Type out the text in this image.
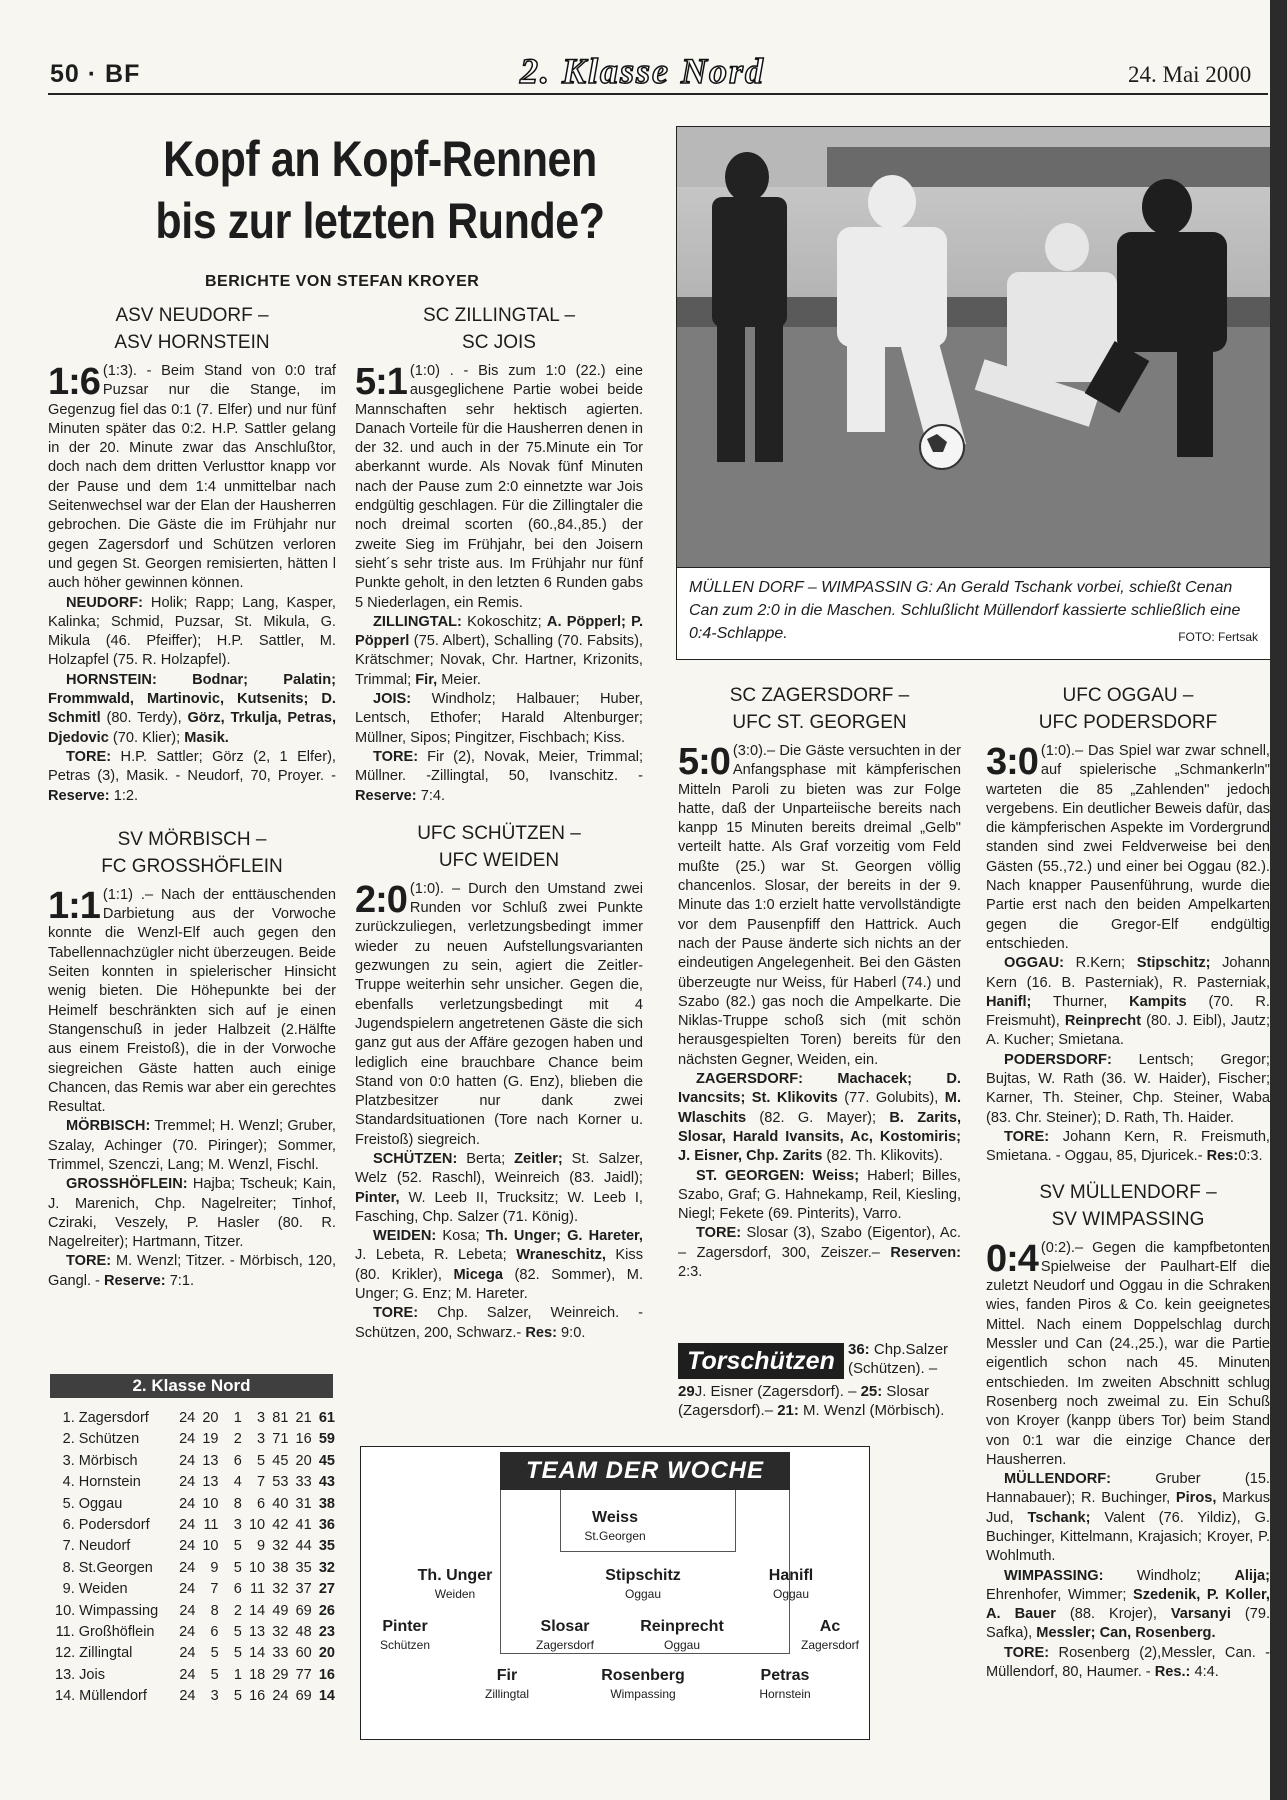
50 · BF	2. Klasse Nord	24. Mai 2000
Kopf an Kopf-Rennen
bis zur letzten Runde?
BERICHTE VON STEFAN KROYER
ASV NEUDORF –
ASV HORNSTEIN

1:6 (1:3). - Beim Stand von 0:0 traf Puzsar nur die Stange, im Gegenzug fiel das 0:1 (7. Elfer) und nur fünf Minuten später das 0:2. H.P. Sattler gelang in der 20. Minute zwar das Anschlußtor, doch nach dem dritten Verlusttor knapp vor der Pause und dem 1:4 unmittelbar nach Seitenwechsel war der Elan der Hausherren gebrochen. Die Gäste die im Frühjahr nur gegen Zagersdorf und Schützen verloren und gegen St. Georgen remisierten, hätten l auch höher gewinnen können.

NEUDORF: Holik; Rapp; Lang, Kasper, Kalinka; Schmid, Puzsar, St. Mikula, G. Mikula (46. Pfeiffer); H.P. Sattler, M. Holzapfel (75. R. Holzapfel).

HORNSTEIN: Bodnar; Palatin; Frommwald, Martinovic, Kutsenits; D. Schmitl (80. Terdy), Görz, Trkulja, Petras, Djedovic (70. Klier); Masik.

TORE: H.P. Sattler; Görz (2, 1 Elfer), Petras (3), Masik. - Neudorf, 70, Proyer. - Reserve: 1:2.

SV MÖRBISCH –
FC GROSSHÖFLEIN

1:1 (1:1) .– Nach der enttäuschenden Darbietung aus der Vorwoche konnte die Wenzl-Elf auch gegen den Tabellennachzügler nicht überzeugen. Beide Seiten konnten in spielerischer Hinsicht wenig bieten. Die Höhepunkte bei der Heimelf beschränkten sich auf je einen Stangenschuß in jeder Halbzeit (2.Hälfte aus einem Freistoß), die in der Vorwoche siegreichen Gäste hatten auch einige Chancen, das Remis war aber ein gerechtes Resultat.

MÖRBISCH: Tremmel; H. Wenzl; Gruber, Szalay, Achinger (70. Piringer); Sommer, Trimmel, Szenczi, Lang; M. Wenzl, Fischl.

GROSSHÖFLEIN: Hajba; Tscheuk; Kain, J. Marenich, Chp. Nagelreiter; Tinhof, Cziraki, Veszely, P. Hasler (80. R. Nagelreiter); Hartmann, Titzer.

TORE: M. Wenzl; Titzer. - Mörbisch, 120, Gangl. - Reserve: 7:1.

2. Klasse Nord
1. Zagersdorf	24 20	1	3 81 21 61
2. Schützen	24 19	2	3 71 16 59
3. Mörbisch	24 13	6	5 45 20 45
4. Hornstein	24 13	4	7 53 33 43
5. Oggau	24 10	8	6 40 31 38
6. Podersdorf	24 11	3 10 42 41 36
7. Neudorf	24 10	5	9 32 44 35
8. St.Georgen	24	9	5 10 38 35 32
9. Weiden	24	7	6 11 32 37 27
10. Wimpassing	24	8	2 14 49 69 26
11. Großhöflein	24	6	5 13 32 48 23
12. Zillingtal	24	5	5 14 33 60 20
13. Jois	24	5	1 18 29 77 16
14. Müllendorf	24	3	5 16 24 69 14
SC ZILLINGTAL –
SC JOIS

5:1 (1:0) . - Bis zum 1:0 (22.) eine ausgeglichene Partie wobei beide Mannschaften sehr hektisch agierten. Danach Vorteile für die Hausherren denen in der 32. und auch in der 75.Minute ein Tor aberkannt wurde. Als Novak fünf Minuten nach der Pause zum 2:0 einnetzte war Jois endgültig geschlagen. Für die Zillingtaler die noch dreimal scorten (60.,84.,85.) der zweite Sieg im Frühjahr, bei den Joisern sieht´s sehr triste aus. Im Frühjahr nur fünf Punkte geholt, in den letzten 6 Runden gabs 5 Niederlagen, ein Remis.

ZILLINGTAL: Kokoschitz; A. Pöpperl; P. Pöpperl (75. Albert), Schalling (70. Fabsits), Krätschmer; Novak, Chr. Hartner, Krizonits, Trimmal; Fir, Meier.

JOIS: Windholz; Halbauer; Huber, Lentsch, Ethofer; Harald Altenburger; Müllner, Sipos; Pingitzer, Fischbach; Kiss.

TORE: Fir (2), Novak, Meier, Trimmal; Müllner. -Zillingtal, 50, Ivanschitz. - Reserve: 7:4.

UFC SCHÜTZEN –
UFC WEIDEN

2:0 (1:0). – Durch den Umstand zwei Runden vor Schluß zwei Punkte zurückzuliegen, verletzungsbedingt immer wieder zu neuen Aufstellungsvarianten gezwungen zu sein, agiert die Zeitler-Truppe weiterhin sehr unsicher. Gegen die, ebenfalls verletzungsbedingt mit 4 Jugendspielern angetretenen Gäste die sich ganz gut aus der Affäre gezogen haben und lediglich eine brauchbare Chance beim Stand von 0:0 hatten (G. Enz), blieben die Platzbesitzer nur dank zwei Standardsituationen (Tore nach Korner u. Freistoß) siegreich.

SCHÜTZEN: Berta; Zeitler; St. Salzer, Welz (52. Raschl), Weinreich (83. Jaidl); Pinter, W. Leeb II, Trucksitz; W. Leeb I, Fasching, Chp. Salzer (71. König).

WEIDEN: Kosa; Th. Unger; G. Hareter, J. Lebeta, R. Lebeta; Wraneschitz, Kiss (80. Krikler), Micega (82. Sommer), M. Unger; G. Enz; M. Hareter.

TORE: Chp. Salzer, Weinreich. - Schützen, 200, Schwarz.- Res: 9:0.

MÜLLEN DORF – WIMPASSIN G: An Gerald Tschank vorbei, schießt Cenan Can zum 2:0 in die Maschen. Schlußlicht Müllendorf kassierte schließlich eine 0:4-Schlappe.	FOTO: Fertsak
SC ZAGERSDORF –
UFC ST. GEORGEN

5:0 (3:0).– Die Gäste versuchten in der Anfangsphase mit kämpferischen Mitteln Paroli zu bieten was zur Folge hatte, daß der Unparteiische bereits nach kanpp 15 Minuten bereits dreimal „Gelb" verteilt hatte. Als Graf vorzeitig vom Feld mußte (25.) war St. Georgen völlig chancenlos. Slosar, der bereits in der 9. Minute das 1:0 erzielt hatte vervollständigte vor dem Pausenpfiff den Hattrick. Auch nach der Pause änderte sich nichts an der eindeutigen Angelegenheit. Bei den Gästen überzeugte nur Weiss, für Haberl (74.) und Szabo (82.) gas noch die Ampelkarte. Die Niklas-Truppe schoß sich (mit schön herausgespielten Toren) bereits für den nächsten Gegner, Weiden, ein.

ZAGERSDORF: Machacek; D. Ivancsits; St. Klikovits (77. Golubits), M. Wlaschits (82. G. Mayer); B. Zarits, Slosar, Harald Ivansits, Ac, Kostomiris; J. Eisner, Chp. Zarits (82. Th. Klikovits).

ST. GEORGEN: Weiss; Haberl; Billes, Szabo, Graf; G. Hahnekamp, Reil, Kiesling, Niegl; Fekete (69. Pinterits), Varro.

TORE: Slosar (3), Szabo (Eigentor), Ac. – Zagersdorf, 300, Zeiszer.– Reserven: 2:3.

Torschützen 36: Chp.Salzer (Schützen). –
29J. Eisner (Zagersdorf). – 25: Slosar (Zagersdorf).– 21: M. Wenzl (Mörbisch).
UFC OGGAU –
UFC PODERSDORF

3:0 (1:0).– Das Spiel war zwar schnell, auf spielerische „Schmankerln" warteten die 85 „Zahlenden" jedoch vergebens. Ein deutlicher Beweis dafür, das die kämpferischen Aspekte im Vordergrund standen sind zwei Feldverweise bei den Gästen (55.,72.) und einer bei Oggau (82.). Nach knapper Pausenführung, wurde die Partie erst nach den beiden Ampelkarten gegen die Gregor-Elf endgültig entschieden.

OGGAU: R.Kern; Stipschitz; Johann Kern (16. B. Pasterniak), R. Pasterniak, Hanifl; Thurner, Kampits (70. R. Freismuht), Reinprecht (80. J. Eibl), Jautz; A. Kucher; Smietana.

PODERSDORF: Lentsch; Gregor; Bujtas, W. Rath (36. W. Haider), Fischer; Karner, Th. Steiner, Chp. Steiner, Waba (83. Chr. Steiner); D. Rath, Th. Haider.

TORE: Johann Kern, R. Freismuth, Smietana. - Oggau, 85, Djuricek.- Res:0:3.

SV MÜLLENDORF –
SV WIMPASSING

0:4 (0:2).– Gegen die kampfbetonten Spielweise der Paulhart-Elf die zuletzt Neudorf und Oggau in die Schraken wies, fanden Piros & Co. kein geeignetes Mittel. Nach einem Doppelschlag durch Messler und Can (24.,25.), war die Partie eigentlich schon nach 45. Minuten entschieden. Im zweiten Abschnitt schlug Rosenberg noch zweimal zu. Ein Schuß von Kroyer (kanpp übers Tor) beim Stand von 0:1 war die einzige Chance der Hausherren.

MÜLLENDORF: Gruber (15. Hannabauer); R. Buchinger, Piros, Markus Jud, Tschank; Valent (76. Yildiz), G. Buchinger, Kittelmann, Krajasich; Kroyer, P. Wohlmuth.

WIMPASSING: Windholz; Alija; Ehrenhofer, Wimmer; Szedenik, P. Koller, A. Bauer (88. Krojer), Varsanyi (79. Safka), Messler; Can, Rosenberg.

TORE: Rosenberg (2),Messler, Can. - Müllendorf, 80, Haumer. - Res.: 4:4.

TEAM DER WOCHE
Weiss
St.Georgen
Th. Unger
Weiden
Stipschitz
Oggau
Hanifl
Oggau
Pinter
Schützen
Slosar
Zagersdorf
Reinprecht
Oggau
Ac
Zagersdorf
Fir
Zillingtal
Rosenberg
Wimpassing
Petras
Hornstein
